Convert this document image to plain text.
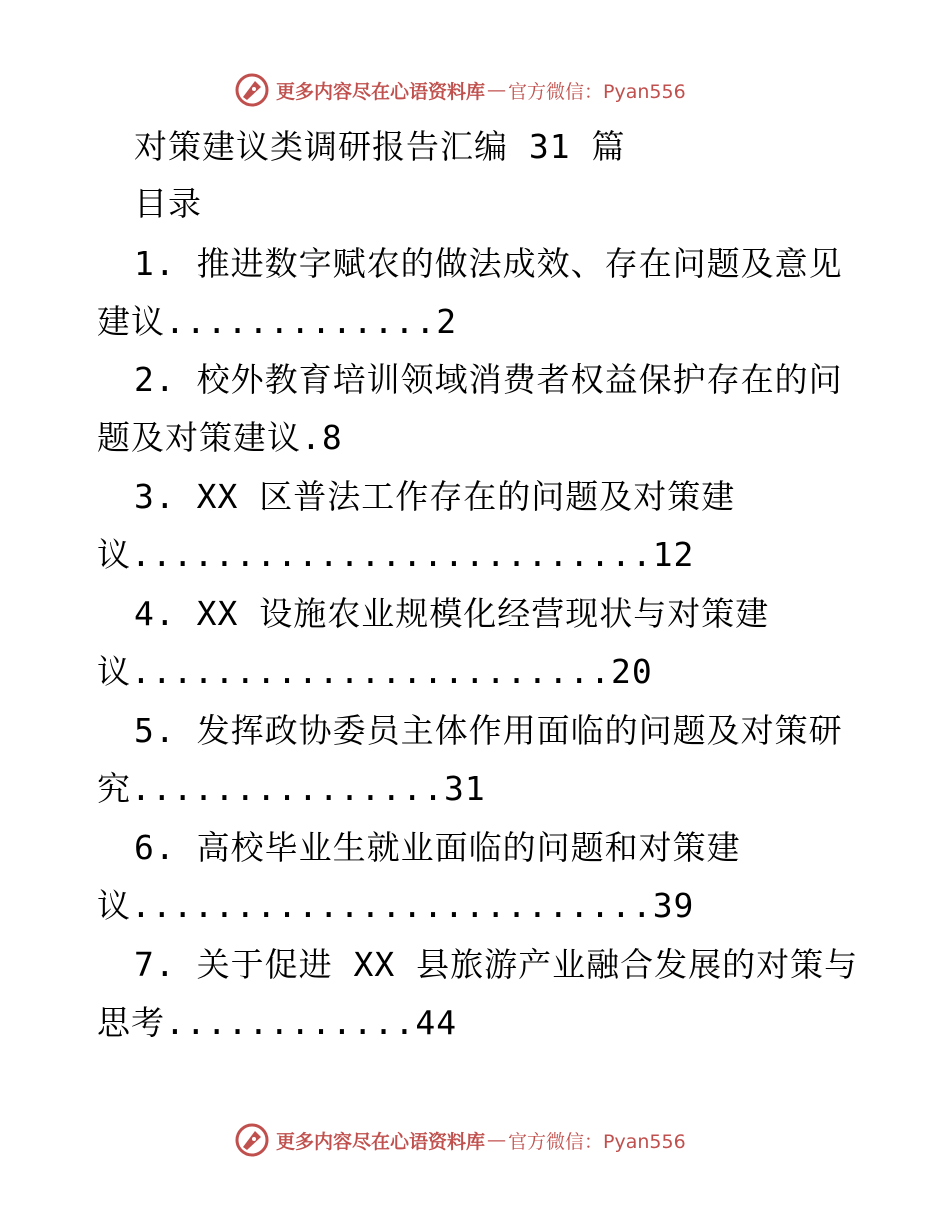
更多内容尽在心语资料库 — 官方微信：Pyan556
对策建议类调研报告汇编 31 篇
目录
1. 推进数字赋农的做法成效、存在问题及意见
建议.............2
2. 校外教育培训领域消费者权益保护存在的问
题及对策建议.8
3. XX 区普法工作存在的问题及对策建
议.........................12
4. XX 设施农业规模化经营现状与对策建
议.......................20
5. 发挥政协委员主体作用面临的问题及对策研
究...............31
6. 高校毕业生就业面临的问题和对策建
议.........................39
7. 关于促进 XX 县旅游产业融合发展的对策与
思考............44
更多内容尽在心语资料库 — 官方微信：Pyan556
